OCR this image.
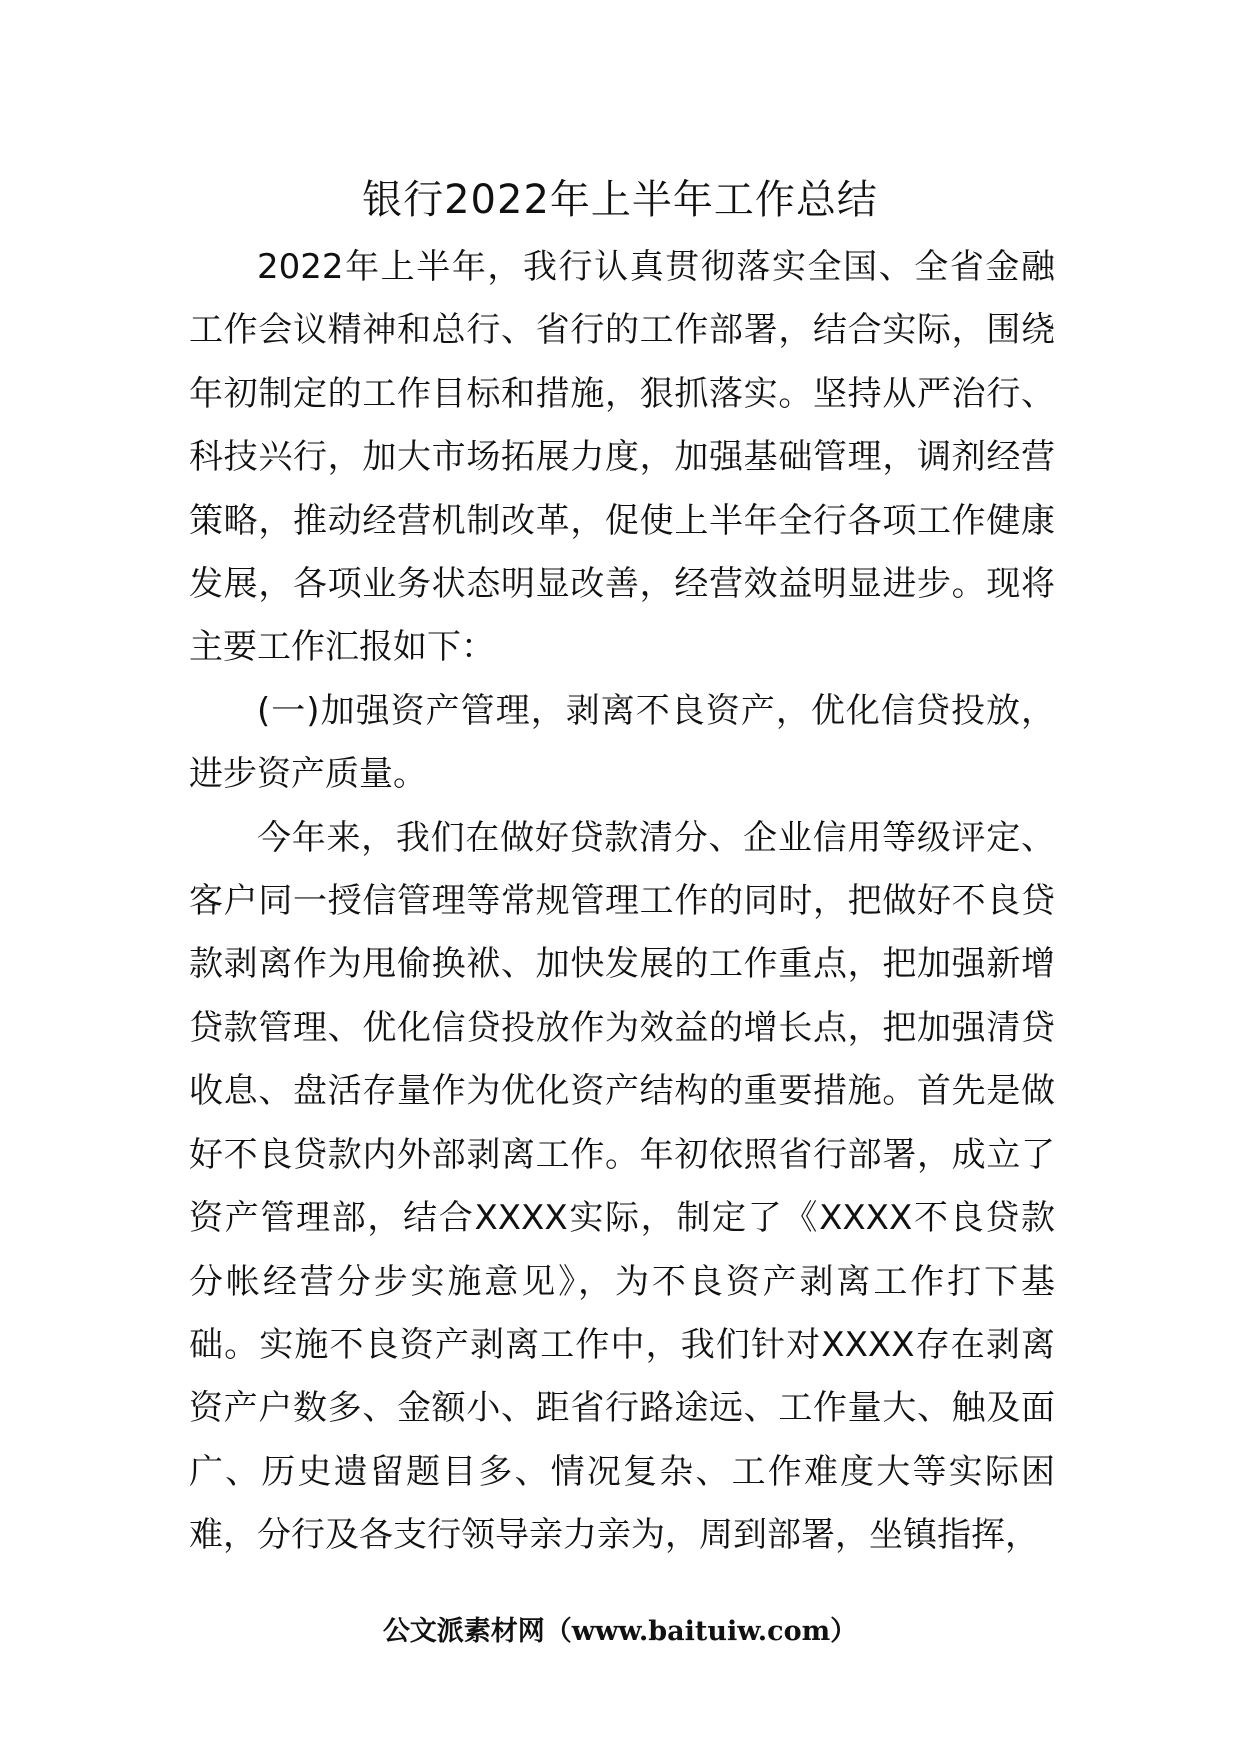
银行2022年上半年工作总结

2022年上半年，我行认真贯彻落实全国、全省金融工作会议精神和总行、省行的工作部署，结合实际，围绕年初制定的工作目标和措施，狠抓落实。坚持从严治行、科技兴行，加大市场拓展力度，加强基础管理，调剂经营策略，推动经营机制改革，促使上半年全行各项工作健康发展，各项业务状态明显改善，经营效益明显进步。现将主要工作汇报如下：

(一)加强资产管理，剥离不良资产，优化信贷投放，进步资产质量。

今年来，我们在做好贷款清分、企业信用等级评定、客户同一授信管理等常规管理工作的同时，把做好不良贷款剥离作为甩偷换袱、加快发展的工作重点，把加强新增贷款管理、优化信贷投放作为效益的增长点，把加强清贷收息、盘活存量作为优化资产结构的重要措施。首先是做好不良贷款内外部剥离工作。年初依照省行部署，成立了资产管理部，结合XXXX实际，制定了《XXXX不良贷款分帐经营分步实施意见》，为不良资产剥离工作打下基础。实施不良资产剥离工作中，我们针对XXXX存在剥离资产户数多、金额小、距省行路途远、工作量大、触及面广、历史遗留题目多、情况复杂、工作难度大等实际困难，分行及各支行领导亲力亲为，周到部署，坐镇指挥，

公文派素材网（www.baituiw.com）
